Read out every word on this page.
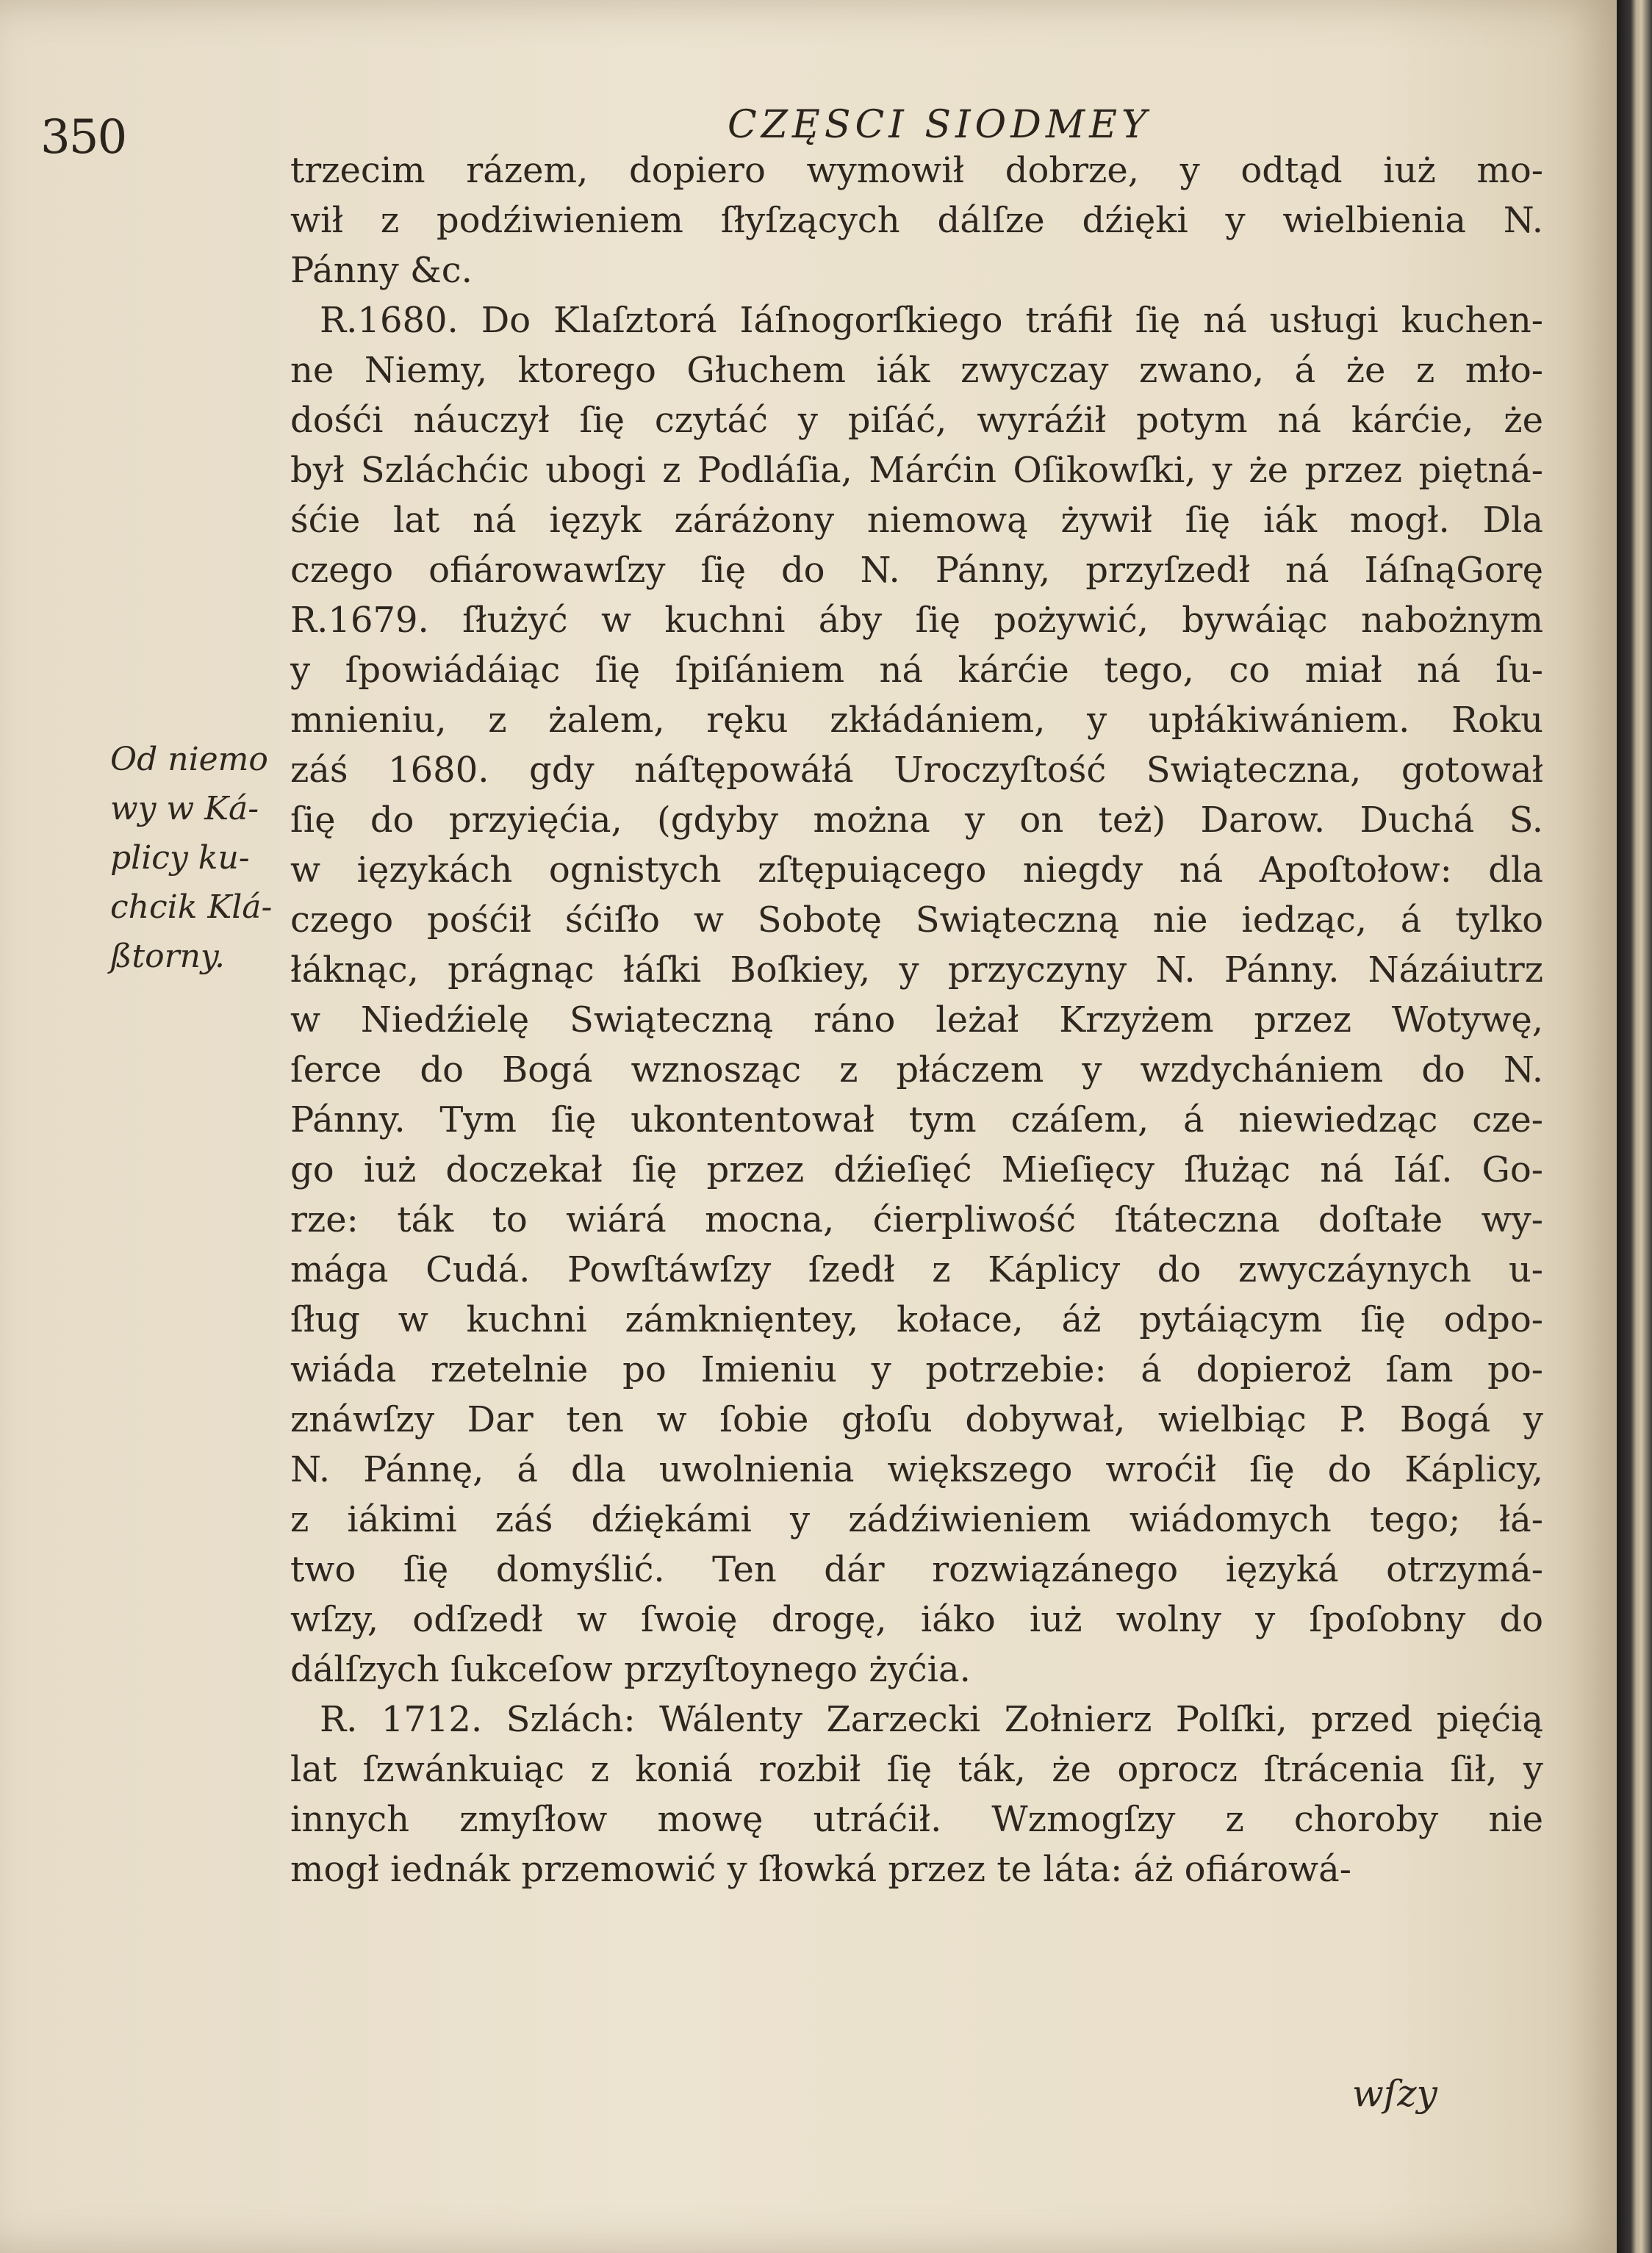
350	CZĘSCI SIODMEY
Od niemo
wy w Ká-
plicy ku-
chcik Klá-
ßtorny.
trzecim rázem, dopiero wymowił dobrze, y odtąd iuż mo-
wił z podźiwieniem ſłyſzących dálſze dźięki y wielbienia N.
Pánny &c.
R.1680. Do Klaſztorá Iáſnogorſkiego tráfił ſię ná usługi kuchen-
ne Niemy, ktorego Głuchem iák zwyczay zwano, á że z mło-
dośći náuczył ſię czytáć y piſáć, wyráźił potym ná kárćie, że
był Szláchćic ubogi z Podláſia, Márćin Oſikowſki, y że przez piętná-
śćie lat ná ięzyk záráżony niemową żywił ſię iák mogł. Dla
czego ofiárowawſzy ſię do N. Pánny, przyſzedł ná IáſnąGorę
R.1679. ſłużyć w kuchni áby ſię pożywić, bywáiąc nabożnym
y ſpowiádáiąc ſię ſpiſániem ná kárćie tego, co miał ná ſu-
mnieniu, z żalem, ręku zkłádániem, y upłákiwániem. Roku
záś 1680. gdy náſtępowáłá Uroczyſtość Swiąteczna, gotował
ſię do przyięćia, (gdyby można y on też) Darow. Duchá S.
w ięzykách ognistych zſtępuiącego niegdy ná Apoſtołow: dla
czego pośćił śćiſło w Sobotę Swiąteczną nie iedząc, á tylko
łáknąc, prágnąc łáſki Boſkiey, y przyczyny N. Pánny. Názáiutrz
w Niedźielę Swiąteczną ráno leżał Krzyżem przez Wotywę,
ſerce do Bogá wznosząc z płáczem y wzdychániem do N.
Pánny. Tym ſię ukontentował tym czáſem, á niewiedząc cze-
go iuż doczekał ſię przez dźieſięć Mieſięcy ſłużąc ná Iáſ. Go-
rze: ták to wiárá mocna, ćierpliwość ſtáteczna doſtałe wy-
mága Cudá. Powſtáwſzy ſzedł z Káplicy do zwyczáynych u-
ſług w kuchni zámknięntey, kołace, áż pytáiącym ſię odpo-
wiáda rzetelnie po Imieniu y potrzebie: á dopieroż ſam po-
znáwſzy Dar ten w ſobie głoſu dobywał, wielbiąc P. Bogá y
N. Pánnę, á dla uwolnienia większego wroćił ſię do Káplicy,
z iákimi záś dźiękámi y zádźiwieniem wiádomych tego; łá-
two ſię domyślić. Ten dár rozwiązánego ięzyká otrzymá-
wſzy, odſzedł w ſwoię drogę, iáko iuż wolny y ſpoſobny do
dálſzych ſukceſow przyſtoynego żyćia.
R. 1712. Szlách: Wálenty Zarzecki Zołnierz Polſki, przed pięćią
lat ſzwánkuiąc z koniá rozbił ſię ták, że oprocz ſtrácenia ſił, y
innych zmyſłow mowę utráćił. Wzmogſzy z choroby nie
mogł iednák przemowić y ſłowká przez te láta: áż ofiárowá-
wſzy
